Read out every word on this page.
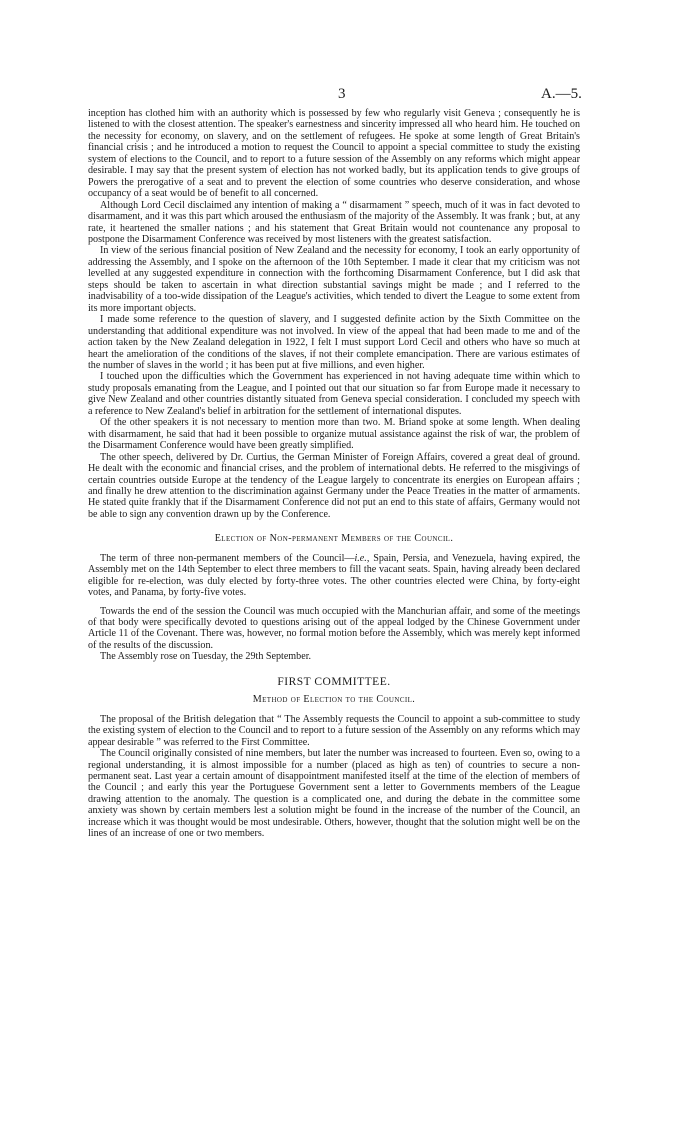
3	A.—5.

inception has clothed him with an authority which is possessed by few who regularly visit Geneva ; consequently he is listened to with the closest attention. The speaker's earnestness and sincerity impressed all who heard him. He touched on the necessity for economy, on slavery, and on the settlement of refugees. He spoke at some length of Great Britain's financial crisis ; and he introduced a motion to request the Council to appoint a special committee to study the existing system of elections to the Council, and to report to a future session of the Assembly on any reforms which might appear desirable. I may say that the present system of election has not worked badly, but its application tends to give groups of Powers the prerogative of a seat and to prevent the election of some countries who deserve consideration, and whose occupancy of a seat would be of benefit to all concerned.

Although Lord Cecil disclaimed any intention of making a “ disarmament ” speech, much of it was in fact devoted to disarmament, and it was this part which aroused the enthusiasm of the majority of the Assembly. It was frank ; but, at any rate, it heartened the smaller nations ; and his statement that Great Britain would not countenance any proposal to postpone the Disarmament Conference was received by most listeners with the greatest satisfaction.

In view of the serious financial position of New Zealand and the necessity for economy, I took an early opportunity of addressing the Assembly, and I spoke on the afternoon of the 10th September. I made it clear that my criticism was not levelled at any suggested expenditure in connection with the forthcoming Disarmament Conference, but I did ask that steps should be taken to ascertain in what direction substantial savings might be made ; and I referred to the inadvisability of a too-wide dissipation of the League's activities, which tended to divert the League to some extent from its more important objects.

I made some reference to the question of slavery, and I suggested definite action by the Sixth Committee on the understanding that additional expenditure was not involved. In view of the appeal that had been made to me and of the action taken by the New Zealand delegation in 1922, I felt I must support Lord Cecil and others who have so much at heart the amelioration of the conditions of the slaves, if not their complete emancipation. There are various estimates of the number of slaves in the world ; it has been put at five millions, and even higher.

I touched upon the difficulties which the Government has experienced in not having adequate time within which to study proposals emanating from the League, and I pointed out that our situation so far from Europe made it necessary to give New Zealand and other countries distantly situated from Geneva special consideration. I concluded my speech with a reference to New Zealand's belief in arbitration for the settlement of international disputes.

Of the other speakers it is not necessary to mention more than two. M. Briand spoke at some length. When dealing with disarmament, he said that had it been possible to organize mutual assistance against the risk of war, the problem of the Disarmament Conference would have been greatly simplified.

The other speech, delivered by Dr. Curtius, the German Minister of Foreign Affairs, covered a great deal of ground. He dealt with the economic and financial crises, and the problem of international debts. He referred to the misgivings of certain countries outside Europe at the tendency of the League largely to concentrate its energies on European affairs ; and finally he drew attention to the discrimination against Germany under the Peace Treaties in the matter of armaments. He stated quite frankly that if the Disarmament Conference did not put an end to this state of affairs, Germany would not be able to sign any convention drawn up by the Conference.

Election of Non-permanent Members of the Council.

The term of three non-permanent members of the Council—i.e., Spain, Persia, and Venezuela, having expired, the Assembly met on the 14th September to elect three members to fill the vacant seats. Spain, having already been declared eligible for re-election, was duly elected by forty-three votes. The other countries elected were China, by forty-eight votes, and Panama, by forty-five votes.

Towards the end of the session the Council was much occupied with the Manchurian affair, and some of the meetings of that body were specifically devoted to questions arising out of the appeal lodged by the Chinese Government under Article 11 of the Covenant. There was, however, no formal motion before the Assembly, which was merely kept informed of the results of the discussion.

The Assembly rose on Tuesday, the 29th September.

FIRST COMMITTEE.
Method of Election to the Council.

The proposal of the British delegation that “ The Assembly requests the Council to appoint a sub-committee to study the existing system of election to the Council and to report to a future session of the Assembly on any reforms which may appear desirable ” was referred to the First Committee.

The Council originally consisted of nine members, but later the number was increased to fourteen. Even so, owing to a regional understanding, it is almost impossible for a number (placed as high as ten) of countries to secure a non-permanent seat. Last year a certain amount of disappointment manifested itself at the time of the election of members of the Council ; and early this year the Portuguese Government sent a letter to Governments members of the League drawing attention to the anomaly. The question is a complicated one, and during the debate in the committee some anxiety was shown by certain members lest a solution might be found in the increase of the number of the Council, an increase which it was thought would be most undesirable. Others, however, thought that the solution might well be on the lines of an increase of one or two members.
